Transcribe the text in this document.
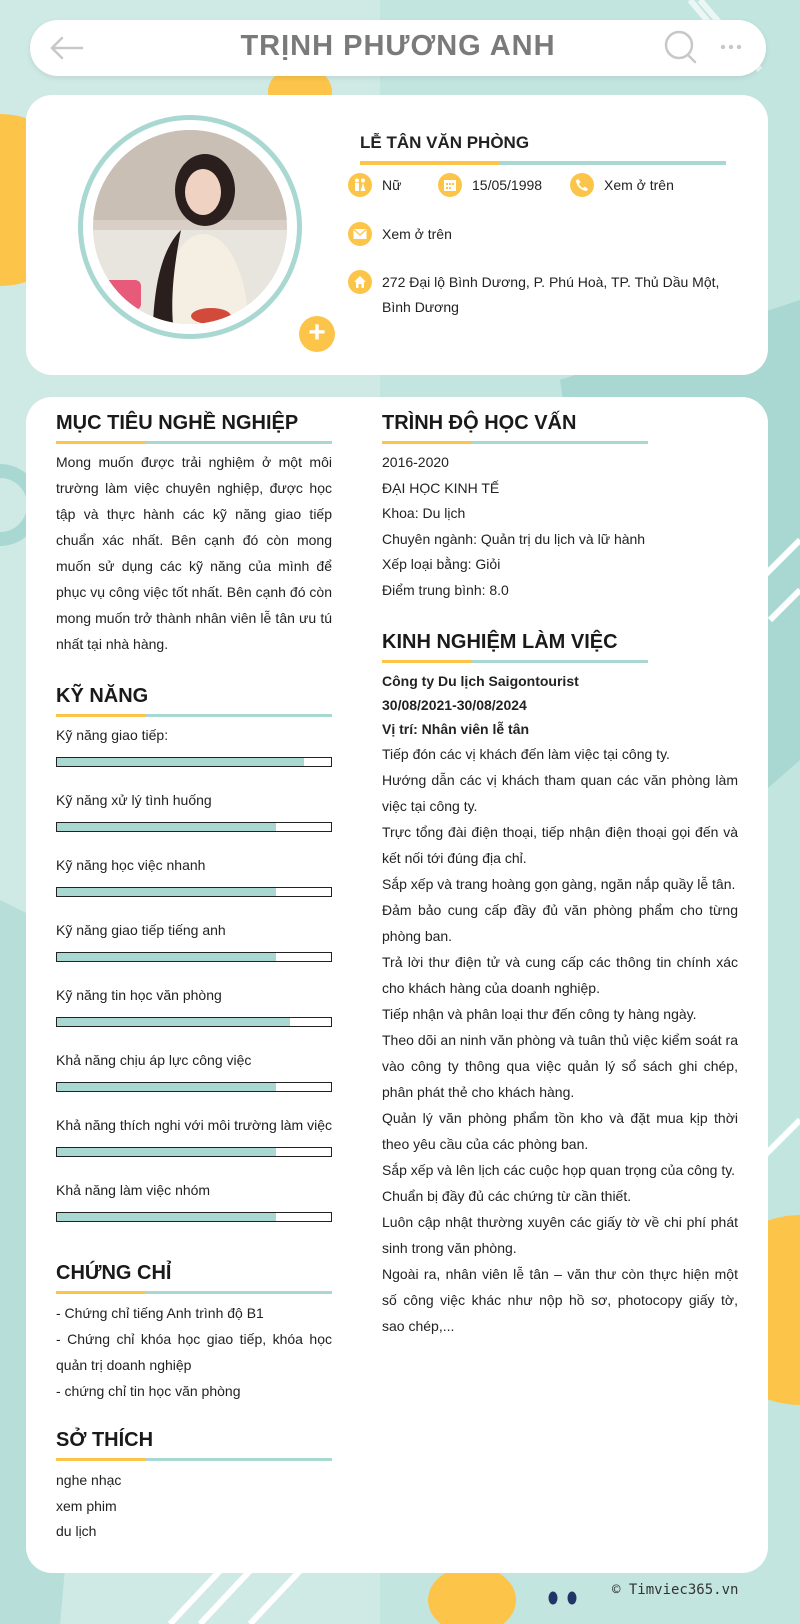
TRỊNH PHƯƠNG ANH
+
LỄ TÂN VĂN PHÒNG
Nữ	15/05/1998	Xem ở trên
Xem ở trên
272 Đại lộ Bình Dương, P. Phú Hoà, TP. Thủ Dầu Một,
Bình Dương
MỤC TIÊU NGHỀ NGHIỆP
Mong muốn được trải nghiệm ở một môi trường làm việc chuyên nghiệp, được học tập và thực hành các kỹ năng giao tiếp chuẩn xác nhất. Bên cạnh đó còn mong muốn sử dụng các kỹ năng của mình để phục vụ công việc tốt nhất. Bên cạnh đó còn mong muốn trở thành nhân viên lễ tân ưu tú nhất tại nhà hàng.
KỸ NĂNG
Kỹ năng giao tiếp:
Kỹ năng xử lý tình huống
Kỹ năng học việc nhanh
Kỹ năng giao tiếp tiếng anh
Kỹ năng tin học văn phòng
Khả năng chịu áp lực công việc
Khả năng thích nghi với môi trường làm việc
Khả năng làm việc nhóm
CHỨNG CHỈ
- Chứng chỉ tiếng Anh trình độ B1
- Chứng chỉ khóa học giao tiếp, khóa học quản trị doanh nghiệp
- chứng chỉ tin học văn phòng
SỞ THÍCH
nghe nhạc
xem phim
du lịch
TRÌNH ĐỘ HỌC VẤN
2016-2020
ĐẠI HỌC KINH TẾ
Khoa: Du lịch
Chuyên ngành: Quản trị du lịch và lữ hành
Xếp loại bằng: Giỏi
Điểm trung bình: 8.0
KINH NGHIỆM LÀM VIỆC
Công ty Du lịch Saigontourist
30/08/2021-30/08/2024
Vị trí: Nhân viên lễ tân
Tiếp đón các vị khách đến làm việc tại công ty.
Hướng dẫn các vị khách tham quan các văn phòng làm việc tại công ty.
Trực tổng đài điện thoại, tiếp nhận điện thoại gọi đến và kết nối tới đúng địa chỉ.
Sắp xếp và trang hoàng gọn gàng, ngăn nắp quầy lễ tân.
Đảm bảo cung cấp đầy đủ văn phòng phẩm cho từng phòng ban.
Trả lời thư điện tử và cung cấp các thông tin chính xác cho khách hàng của doanh nghiệp.
Tiếp nhận và phân loại thư đến công ty hàng ngày.
Theo dõi an ninh văn phòng và tuân thủ việc kiểm soát ra vào công ty thông qua việc quản lý sổ sách ghi chép, phân phát thẻ cho khách hàng.
Quản lý văn phòng phẩm tồn kho và đặt mua kịp thời theo yêu cầu của các phòng ban.
Sắp xếp và lên lịch các cuộc họp quan trọng của công ty.
Chuẩn bị đầy đủ các chứng từ cần thiết.
Luôn cập nhật thường xuyên các giấy tờ về chi phí phát sinh trong văn phòng.
Ngoài ra, nhân viên lễ tân – văn thư còn thực hiện một số công việc khác như nộp hồ sơ, photocopy giấy tờ, sao chép,...
© Timviec365.vn
